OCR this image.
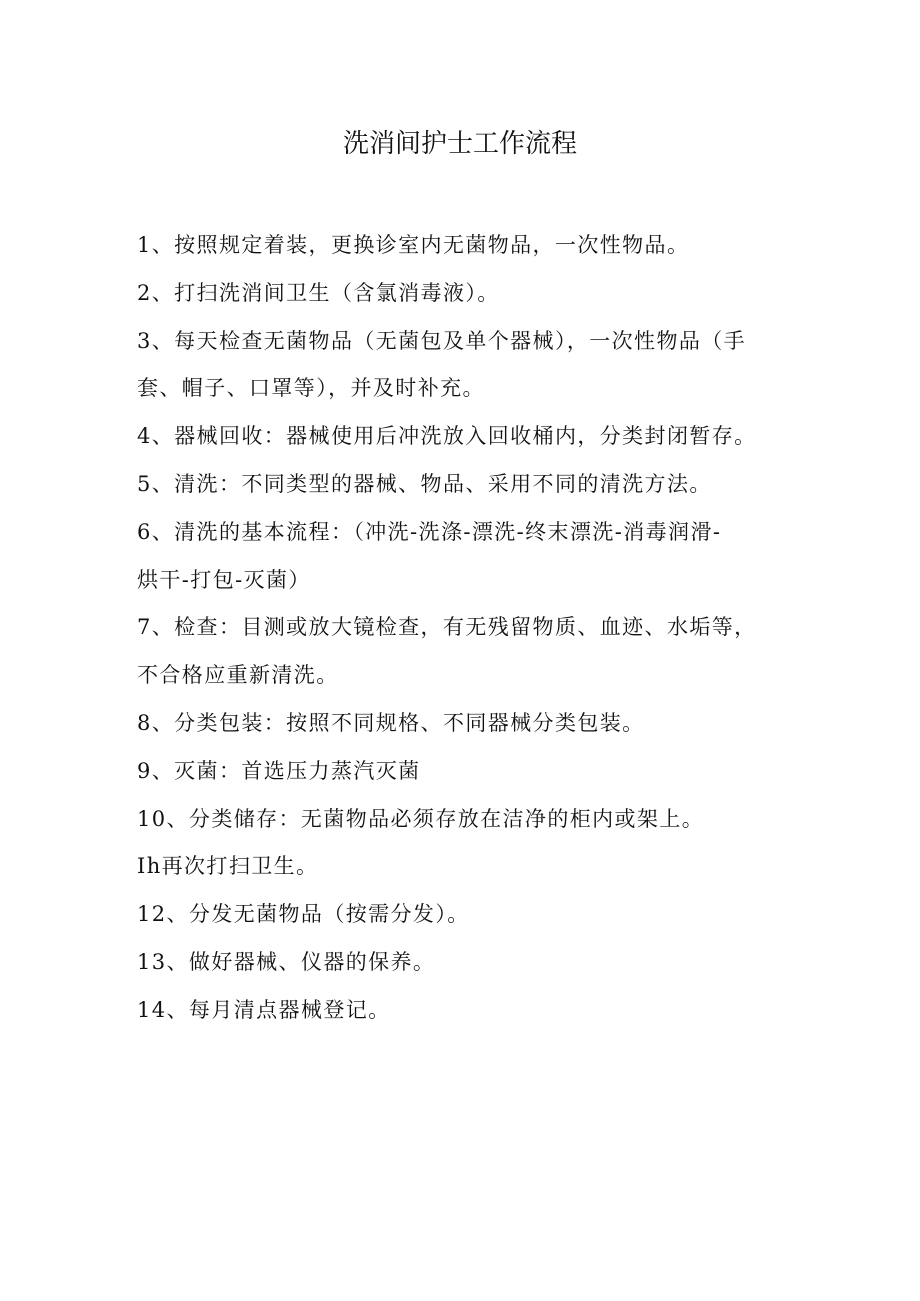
洗消间护士工作流程
1、按照规定着装，更换诊室内无菌物品，一次性物品。
2、打扫洗消间卫生（含氯消毒液）。
3、每天检查无菌物品（无菌包及单个器械），一次性物品（手
套、帽子、口罩等），并及时补充。
4、器械回收：器械使用后冲洗放入回收桶内，分类封闭暂存。
5、清洗：不同类型的器械、物品、采用不同的清洗方法。
6、清洗的基本流程：（冲洗-洗涤-漂洗-终末漂洗-消毒润滑-
烘干-打包-灭菌）
7、检查：目测或放大镜检查，有无残留物质、血迹、水垢等，
不合格应重新清洗。
8、分类包装：按照不同规格、不同器械分类包装。
9、灭菌：首选压力蒸汽灭菌
10、分类储存：无菌物品必须存放在洁净的柜内或架上。
Ih再次打扫卫生。
12、分发无菌物品（按需分发）。
13、做好器械、仪器的保养。
14、每月清点器械登记。
